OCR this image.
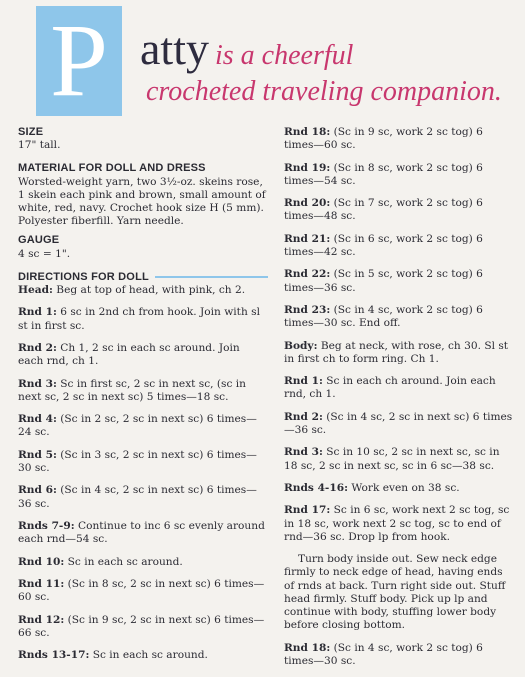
P atty is a cheerful
crocheted traveling companion.
SIZE
17" tall.
MATERIAL FOR DOLL AND DRESS
Worsted-weight yarn, two 3½-oz. skeins rose, 1 skein each pink and brown, small amount of white, red, navy. Crochet hook size H (5 mm). Polyester fiberfill. Yarn needle.
GAUGE
4 sc = 1".
DIRECTIONS FOR DOLL
Head: Beg at top of head, with pink, ch 2.
Rnd 1: 6 sc in 2nd ch from hook. Join with sl st in first sc.
Rnd 2: Ch 1, 2 sc in each sc around. Join each rnd, ch 1.
Rnd 3: Sc in first sc, 2 sc in next sc, (sc in next sc, 2 sc in next sc) 5 times—18 sc.
Rnd 4: (Sc in 2 sc, 2 sc in next sc) 6 times—24 sc.
Rnd 5: (Sc in 3 sc, 2 sc in next sc) 6 times—30 sc.
Rnd 6: (Sc in 4 sc, 2 sc in next sc) 6 times—36 sc.
Rnds 7-9: Continue to inc 6 sc evenly around each rnd—54 sc.
Rnd 10: Sc in each sc around.
Rnd 11: (Sc in 8 sc, 2 sc in next sc) 6 times—60 sc.
Rnd 12: (Sc in 9 sc, 2 sc in next sc) 6 times—66 sc.
Rnds 13-17: Sc in each sc around.
Rnd 18: (Sc in 9 sc, work 2 sc tog) 6 times—60 sc.
Rnd 19: (Sc in 8 sc, work 2 sc tog) 6 times—54 sc.
Rnd 20: (Sc in 7 sc, work 2 sc tog) 6 times—48 sc.
Rnd 21: (Sc in 6 sc, work 2 sc tog) 6 times—42 sc.
Rnd 22: (Sc in 5 sc, work 2 sc tog) 6 times—36 sc.
Rnd 23: (Sc in 4 sc, work 2 sc tog) 6 times—30 sc. End off.
Body: Beg at neck, with rose, ch 30. Sl st in first ch to form ring. Ch 1.
Rnd 1: Sc in each ch around. Join each rnd, ch 1.
Rnd 2: (Sc in 4 sc, 2 sc in next sc) 6 times—36 sc.
Rnd 3: Sc in 10 sc, 2 sc in next sc, sc in 18 sc, 2 sc in next sc, sc in 6 sc—38 sc.
Rnds 4-16: Work even on 38 sc.
Rnd 17: Sc in 6 sc, work next 2 sc tog, sc in 18 sc, work next 2 sc tog, sc to end of rnd—36 sc. Drop lp from hook.
Turn body inside out. Sew neck edge firmly to neck edge of head, having ends of rnds at back. Turn right side out. Stuff head firmly. Stuff body. Pick up lp and continue with body, stuffing lower body before closing bottom.
Rnd 18: (Sc in 4 sc, work 2 sc tog) 6 times—30 sc.
